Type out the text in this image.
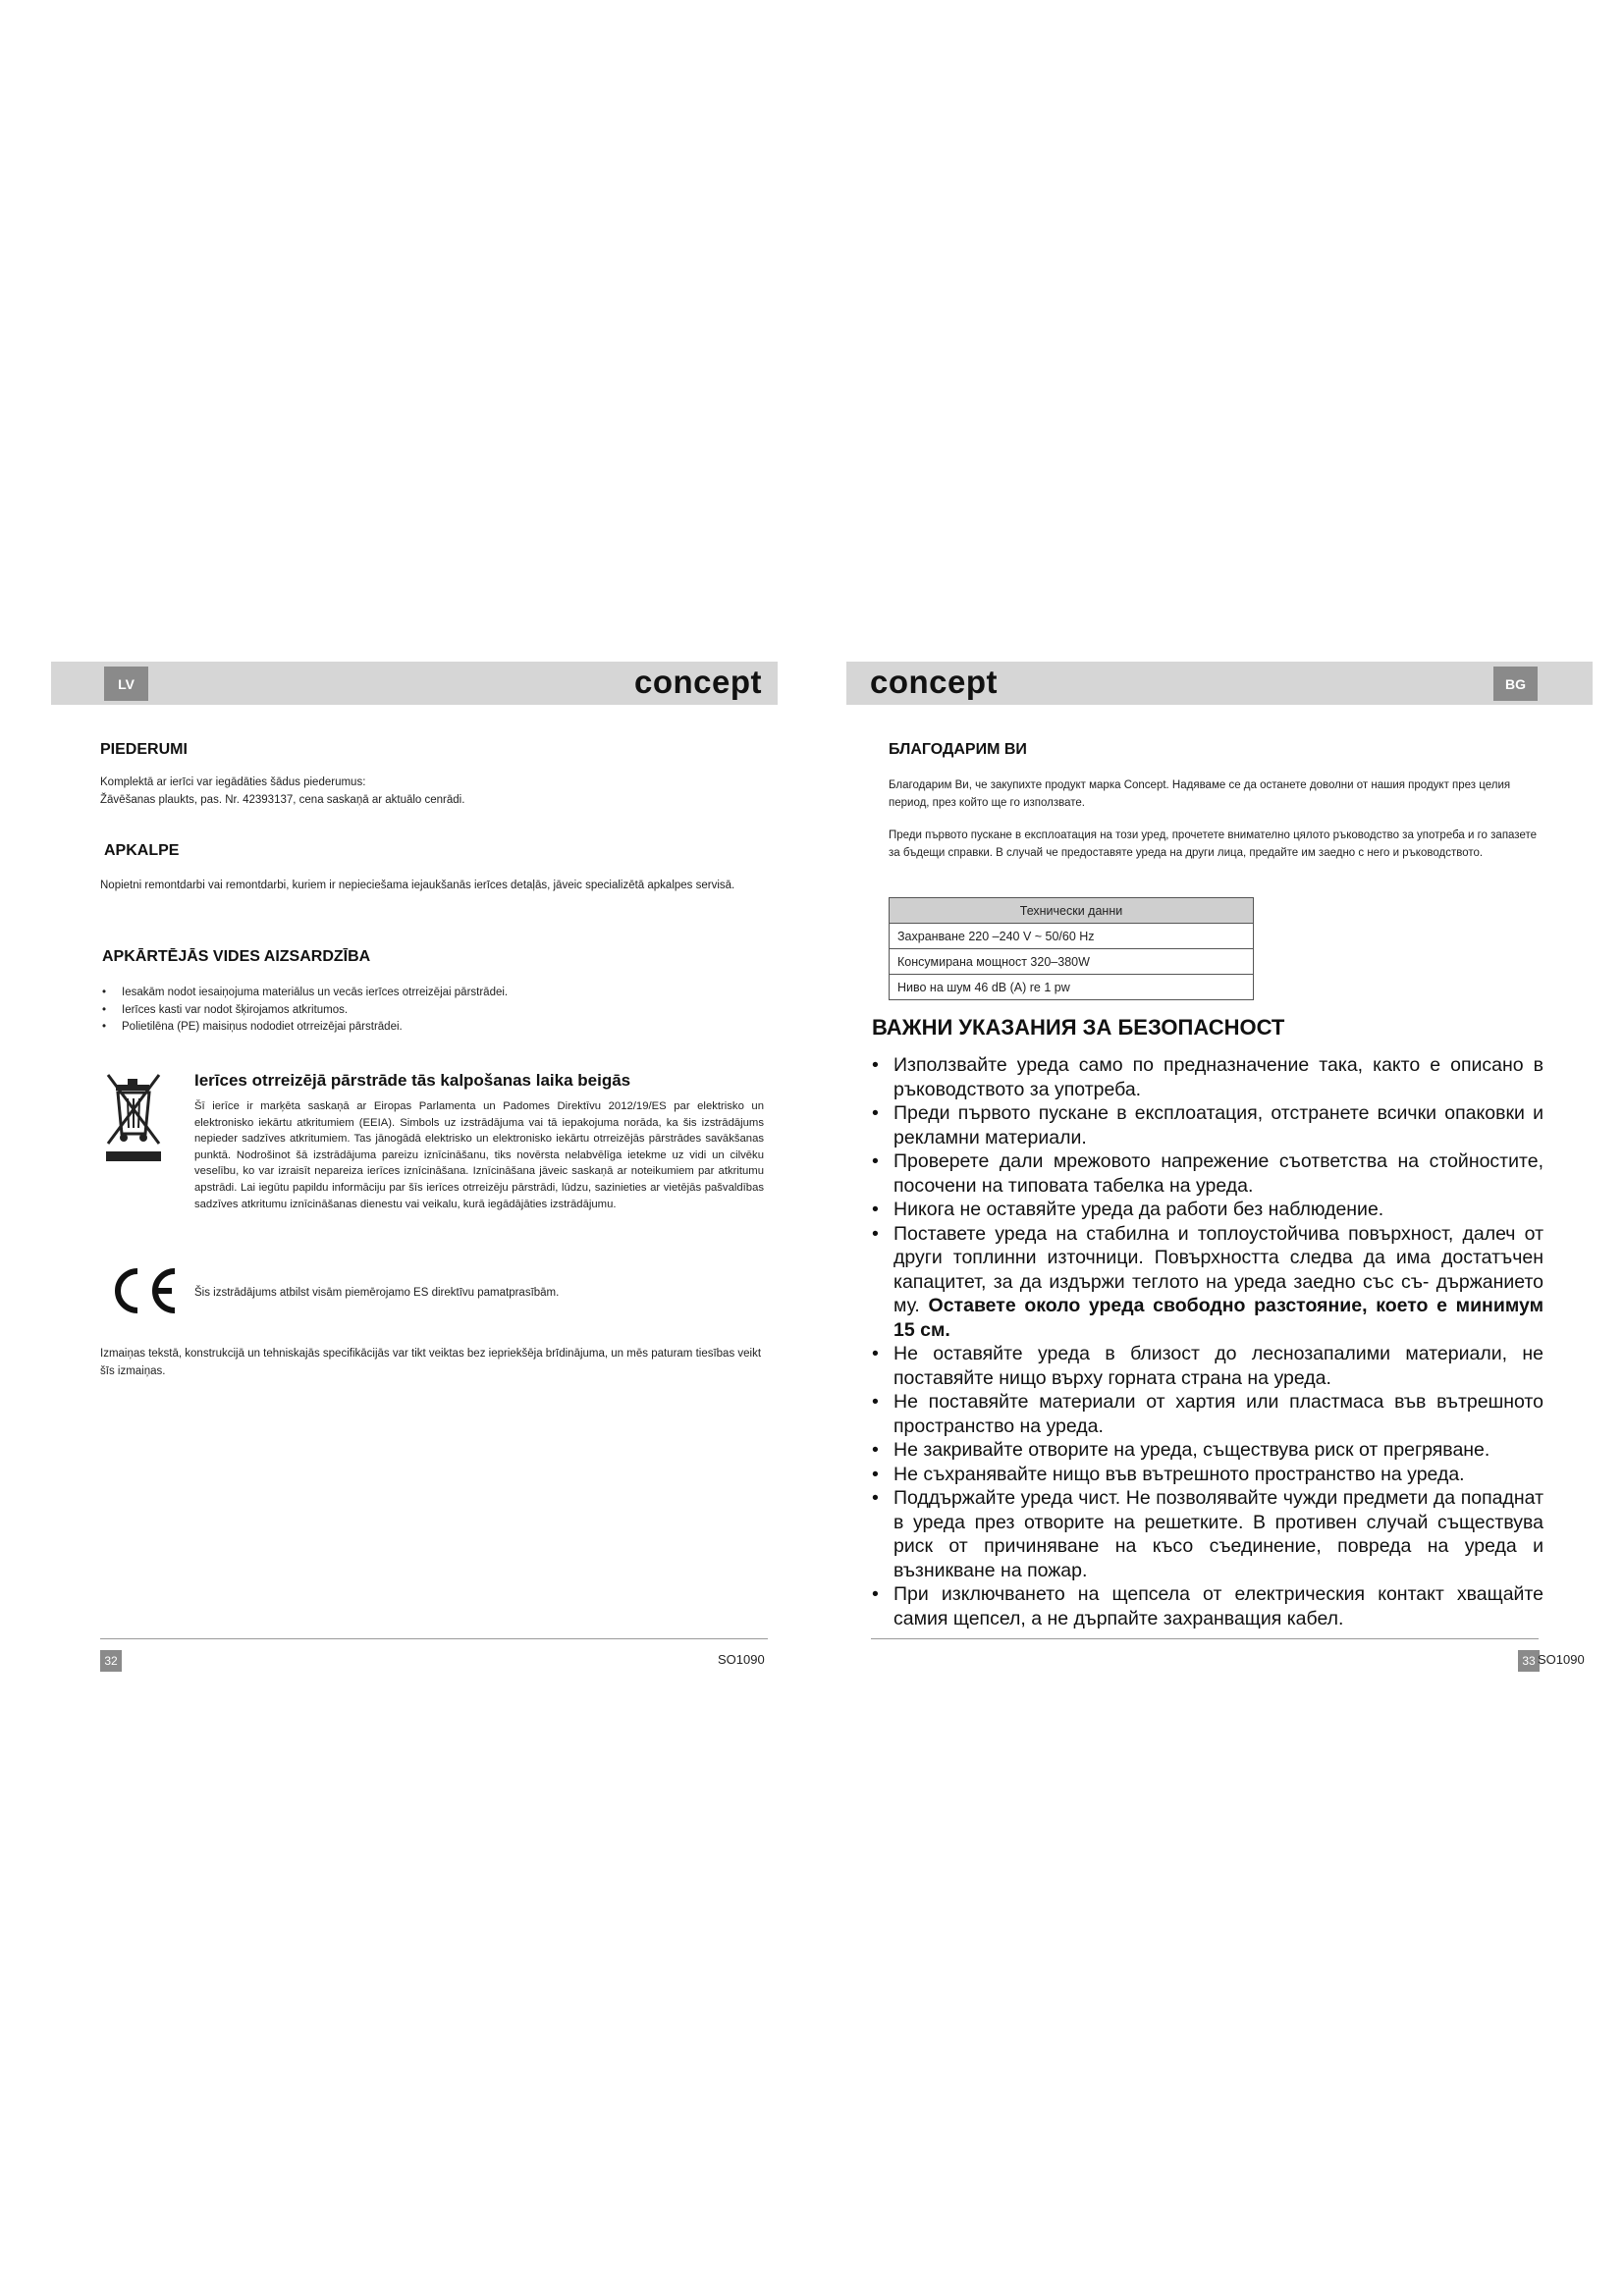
LV	BG
concept	concept
PIEDERUMI
Komplektā ar ierīci var iegādāties šādus piederumus:
Žāvēšanas plaukts, pas. Nr. 42393137, cena saskaņā ar aktuālo cenrādi.
APKALPE
Nopietni remontdarbi vai remontdarbi, kuriem ir nepieciešama iejaukšanās ierīces detaļās, jāveic specializētā apkalpes servisā.
APKĀRTĒJĀS VIDES AIZSARDZĪBA
• Iesakām nodot iesaiņojuma materiālus un vecās ierīces otrreizējai pārstrādei.
• Ierīces kasti var nodot šķirojamos atkritumos.
• Polietilēna (PE) maisiņus nododiet otrreizējai pārstrādei.
Ierīces otrreizējā pārstrāde tās kalpošanas laika beigās
Šī ierīce ir marķēta saskaņā ar Eiropas Parlamenta un Padomes Direktīvu 2012/19/ES par elektrisko un elektronisko iekārtu atkritumiem (EEIA). Simbols uz izstrādājuma vai tā iepakojuma norāda, ka šis izstrādājums nepieder sadzīves atkritumiem. Tas jānogādā elektrisko un elektronisko iekārtu otrreizējās pārstrādes savākšanas punktā. Nodrošinot šā izstrādājuma pareizu iznīcināšanu, tiks novērsta nelabvēlīga ietekme uz vidi un cilvēku veselību, ko var izraisīt nepareiza ierīces iznīcināšana. Iznīcināšana jāveic saskaņā ar noteikumiem par atkritumu apstrādi. Lai iegūtu papildu informāciju par šīs ierīces otrreizēju pārstrādi, lūdzu, sazinieties ar vietējās pašvaldības sadzīves atkritumu iznīcināšanas dienestu vai veikalu, kurā iegādājāties izstrādājumu.
Šis izstrādājums atbilst visām piemērojamo ES direktīvu pamatprasībām.
Izmaiņas tekstā, konstrukcijā un tehniskajās specifikācijās var tikt veiktas bez iepriekšēja brīdinājuma, un mēs paturam tiesības veikt šīs izmaiņas.
32	SO1090
БЛАГОДАРИМ ВИ
Благодарим Ви, че закупихте продукт марка Concept. Надяваме се да останете доволни от нашия продукт през целия период, през който ще го използвате.
Преди първото пускане в експлоатация на този уред, прочетете внимателно цялото ръководство за употреба и го запазете за бъдещи справки. В случай че предоставяте уреда на други лица, предайте им заедно с него и ръководството.
Технически данни
Захранване 220 –240 V ~ 50/60 Hz
Консумирана мощност 320–380W
Ниво на шум 46 dB (A) re 1 pw
ВАЖНИ УКАЗАНИЯ ЗА БЕЗОПАСНОСТ
• Използвайте уреда само по предназначение така, както е описано в ръководството за употреба.
• Преди първото пускане в експлоатация, отстранете всички опаковки и рекламни материали.
• Проверете дали мрежовото напрежение съответства на стойностите, посочени на типовата табелка на уреда.
• Никога не оставяйте уреда да работи без наблюдение.
• Поставете уреда на стабилна и топлоустойчива повърхност, далеч от други топлинни източници. Повърхността следва да има достатъчен капацитет, за да издържи теглото на уреда заедно със съ- държанието му. Оставете около уреда свободно разстояние, което е минимум 15 см.
• Не оставяйте уреда в близост до леснозапалими материали, не поставяйте нищо върху горната страна на уреда.
• Не поставяйте материали от хартия или пластмаса във вътрешното пространство на уреда.
• Не закривайте отворите на уреда, съществува риск от прегряване.
• Не съхранявайте нищо във вътрешното пространство на уреда.
• Поддържайте уреда чист. Не позволявайте чужди предмети да попаднат в уреда през отворите на решетките. В противен случай съществува риск от причиняване на късо съединение, повреда на уреда и възникване на пожар.
• При изключването на щепсела от електрическия контакт хващайте самия щепсел, а не дърпайте захранващия кабел.
33 SO1090
